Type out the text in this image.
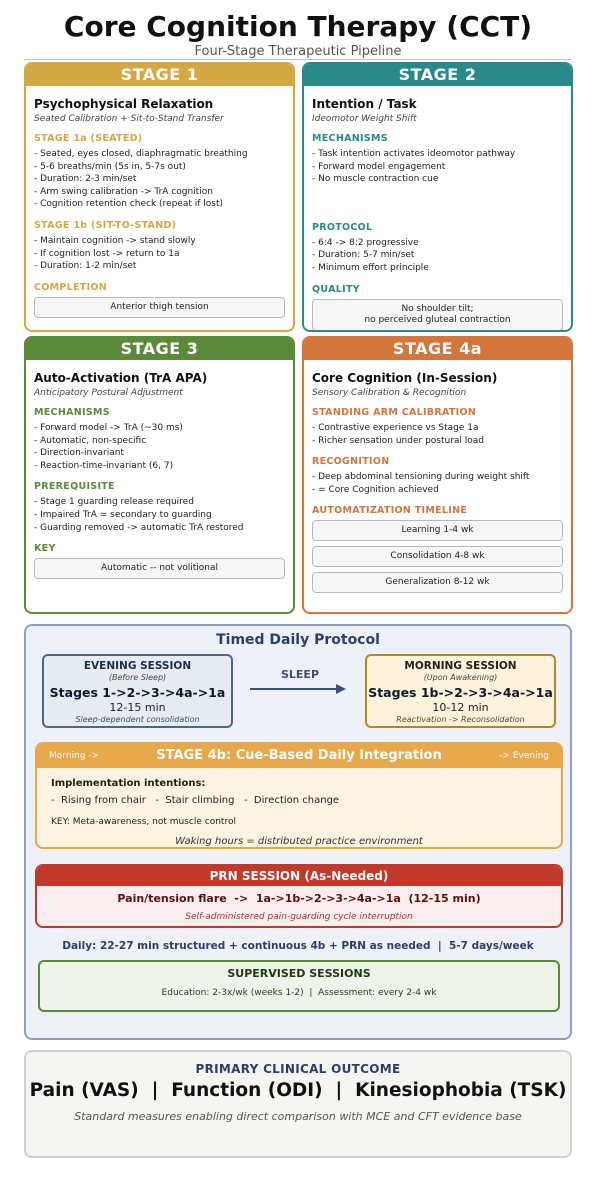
Core Cognition Therapy (CCT)
Four-Stage Therapeutic Pipeline
STAGE 1
Psychophysical Relaxation
Seated Calibration + Sit-to-Stand Transfer
STAGE 1a (SEATED)
- Seated, eyes closed, diaphragmatic breathing
- 5-6 breaths/min (5s in, 5-7s out)
- Duration: 2-3 min/set
- Arm swing calibration -> TrA cognition
- Cognition retention check (repeat if lost)
STAGE 1b (SIT-TO-STAND)
- Maintain cognition -> stand slowly
- If cognition lost -> return to 1a
- Duration: 1-2 min/set
COMPLETION
Anterior thigh tension
STAGE 2
Intention / Task
Ideomotor Weight Shift
MECHANISMS
- Task intention activates ideomotor pathway
- Forward model engagement
- No muscle contraction cue
PROTOCOL
- 6:4 -> 8:2 progressive
- Duration: 5-7 min/set
- Minimum effort principle
QUALITY
No shoulder tilt;
no perceived gluteal contraction
STAGE 3
Auto-Activation (TrA APA)
Anticipatory Postural Adjustment
MECHANISMS
- Forward model -> TrA (~30 ms)
- Automatic, non-specific
- Direction-invariant
- Reaction-time-invariant (6, 7)
PREREQUISITE
- Stage 1 guarding release required
- Impaired TrA = secondary to guarding
- Guarding removed -> automatic TrA restored
KEY
Automatic -- not volitional
STAGE 4a
Core Cognition (In-Session)
Sensory Calibration & Recognition
STANDING ARM CALIBRATION
- Contrastive experience vs Stage 1a
- Richer sensation under postural load
RECOGNITION
- Deep abdominal tensioning during weight shift
- = Core Cognition achieved
AUTOMATIZATION TIMELINE
Learning 1-4 wk
Consolidation 4-8 wk
Generalization 8-12 wk
Timed Daily Protocol
EVENING SESSION
(Before Sleep)
Stages 1->2->3->4a->1a
12-15 min
Sleep-dependent consolidation
SLEEP
MORNING SESSION
(Upon Awakening)
Stages 1b->2->3->4a->1a
10-12 min
Reactivation -> Reconsolidation
Morning ->	STAGE 4b: Cue-Based Daily Integration	-> Evening
Implementation intentions:
-  Rising from chair   -  Stair climbing   -  Direction change
KEY: Meta-awareness, not muscle control
Waking hours = distributed practice environment
PRN SESSION (As-Needed)
Pain/tension flare  ->  1a->1b->2->3->4a->1a  (12-15 min)
Self-administered pain-guarding cycle interruption
Daily: 22-27 min structured + continuous 4b + PRN as needed  |  5-7 days/week
SUPERVISED SESSIONS
Education: 2-3x/wk (weeks 1-2)  |  Assessment: every 2-4 wk
PRIMARY CLINICAL OUTCOME
Pain (VAS)  |  Function (ODI)  |  Kinesiophobia (TSK)
Standard measures enabling direct comparison with MCE and CFT evidence base
